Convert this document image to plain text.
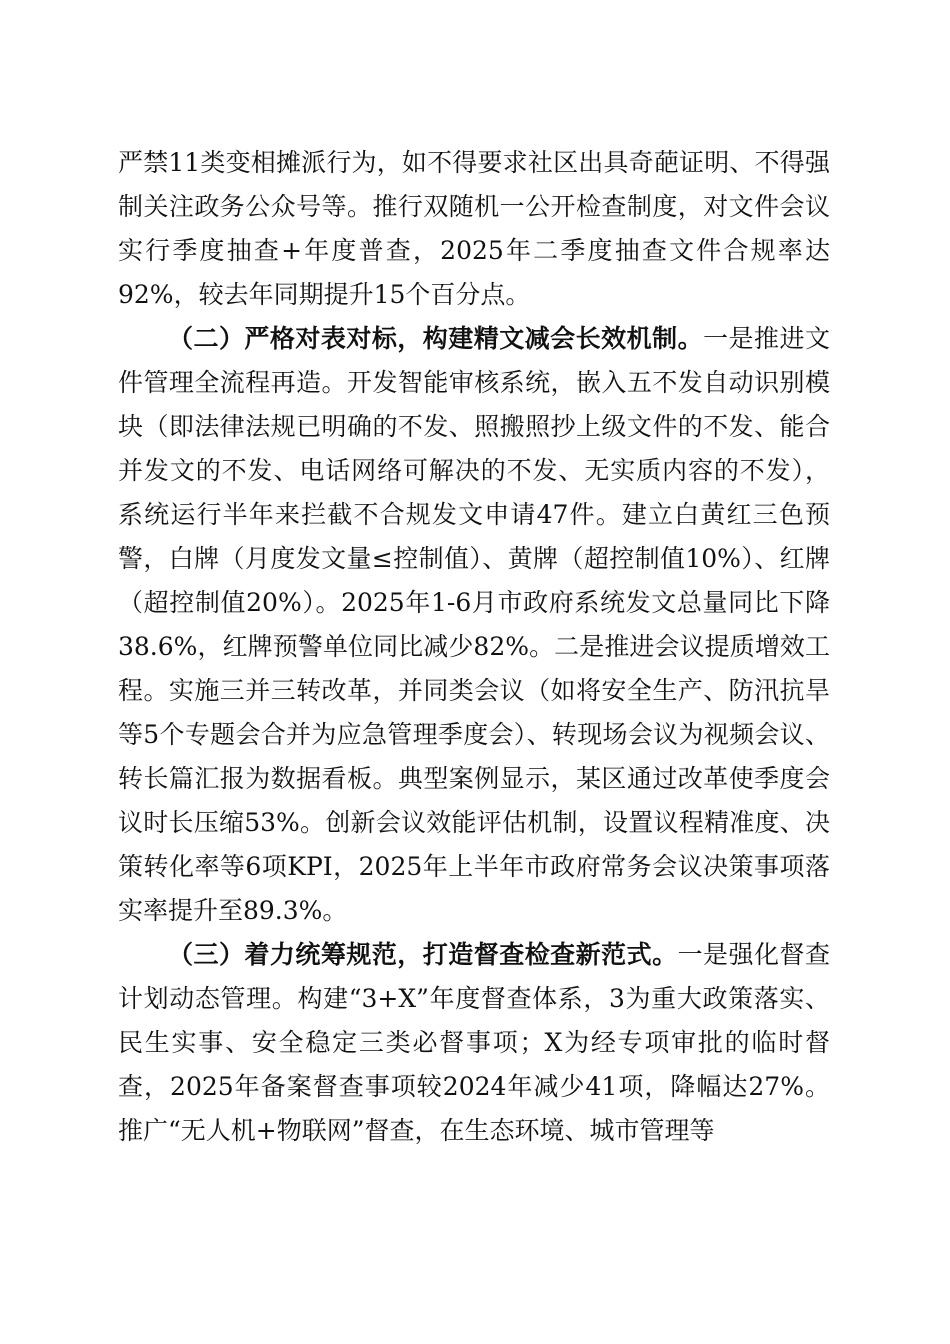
严禁11类变相摊派行为，如不得要求社区出具奇葩证明、不得强制关注政务公众号等。推行双随机一公开检查制度，对文件会议实行季度抽查+年度普查，2025年二季度抽查文件合规率达92%，较去年同期提升15个百分点。

（二）严格对表对标，构建精文减会长效机制。一是推进文件管理全流程再造。开发智能审核系统，嵌入五不发自动识别模块（即法律法规已明确的不发、照搬照抄上级文件的不发、能合并发文的不发、电话网络可解决的不发、无实质内容的不发），系统运行半年来拦截不合规发文申请47件。建立白黄红三色预警，白牌（月度发文量≤控制值）、黄牌（超控制值10%）、红牌（超控制值20%）。2025年1-6月市政府系统发文总量同比下降38.6%，红牌预警单位同比减少82%。二是推进会议提质增效工程。实施三并三转改革，并同类会议（如将安全生产、防汛抗旱等5个专题会合并为应急管理季度会）、转现场会议为视频会议、转长篇汇报为数据看板。典型案例显示，某区通过改革使季度会议时长压缩53%。创新会议效能评估机制，设置议程精准度、决策转化率等6项KPI，2025年上半年市政府常务会议决策事项落实率提升至89.3%。

（三）着力统筹规范，打造督查检查新范式。一是强化督查计划动态管理。构建“3+X”年度督查体系，3为重大政策落实、民生实事、安全稳定三类必督事项；X为经专项审批的临时督查，2025年备案督查事项较2024年减少41项，降幅达27%。推广“无人机+物联网”督查，在生态环境、城市管理等
